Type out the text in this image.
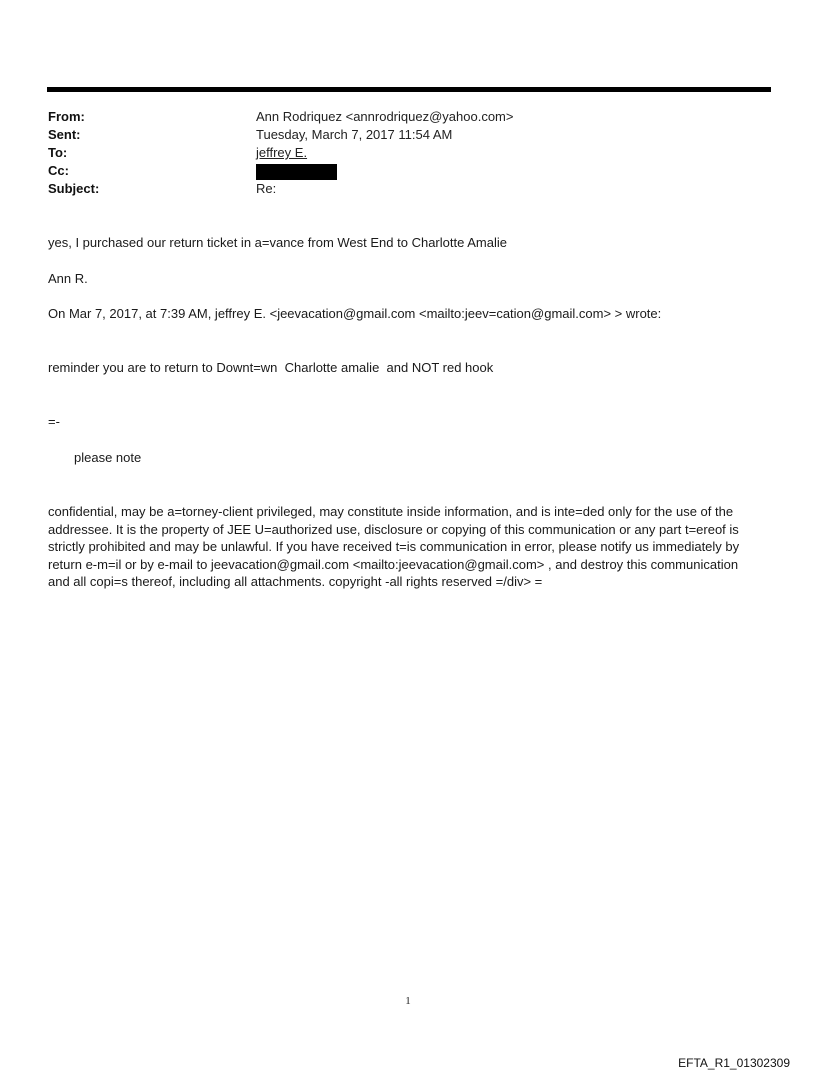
From:	Ann Rodriquez <annrodriquez@yahoo.com>
Sent:	Tuesday, March 7, 2017 11:54 AM
To:	jeffrey E.
Cc:
Subject:	Re:
yes, I purchased our return ticket in a=vance from West End to Charlotte Amalie
Ann R.
On Mar 7, 2017, at 7:39 AM, jeffrey E. <jeevacation@gmail.com <mailto:jeev=cation@gmail.com> > wrote:
reminder you are to return to Downt=wn  Charlotte amalie  and NOT red hook
=-
please note
confidential, may be a=torney-client privileged, may constitute inside information, and is inte=ded only for the use of the addressee. It is the property of JEE U=authorized use, disclosure or copying of this communication or any part t=ereof is strictly prohibited and may be unlawful. If you have received t=is communication in error, please notify us immediately by return e-m=il or by e-mail to jeevacation@gmail.com <mailto:jeevacation@gmail.com> , and destroy this communication and all copi=s thereof, including all attachments. copyright -all rights reserved =/div> =
1
EFTA_R1_01302309
